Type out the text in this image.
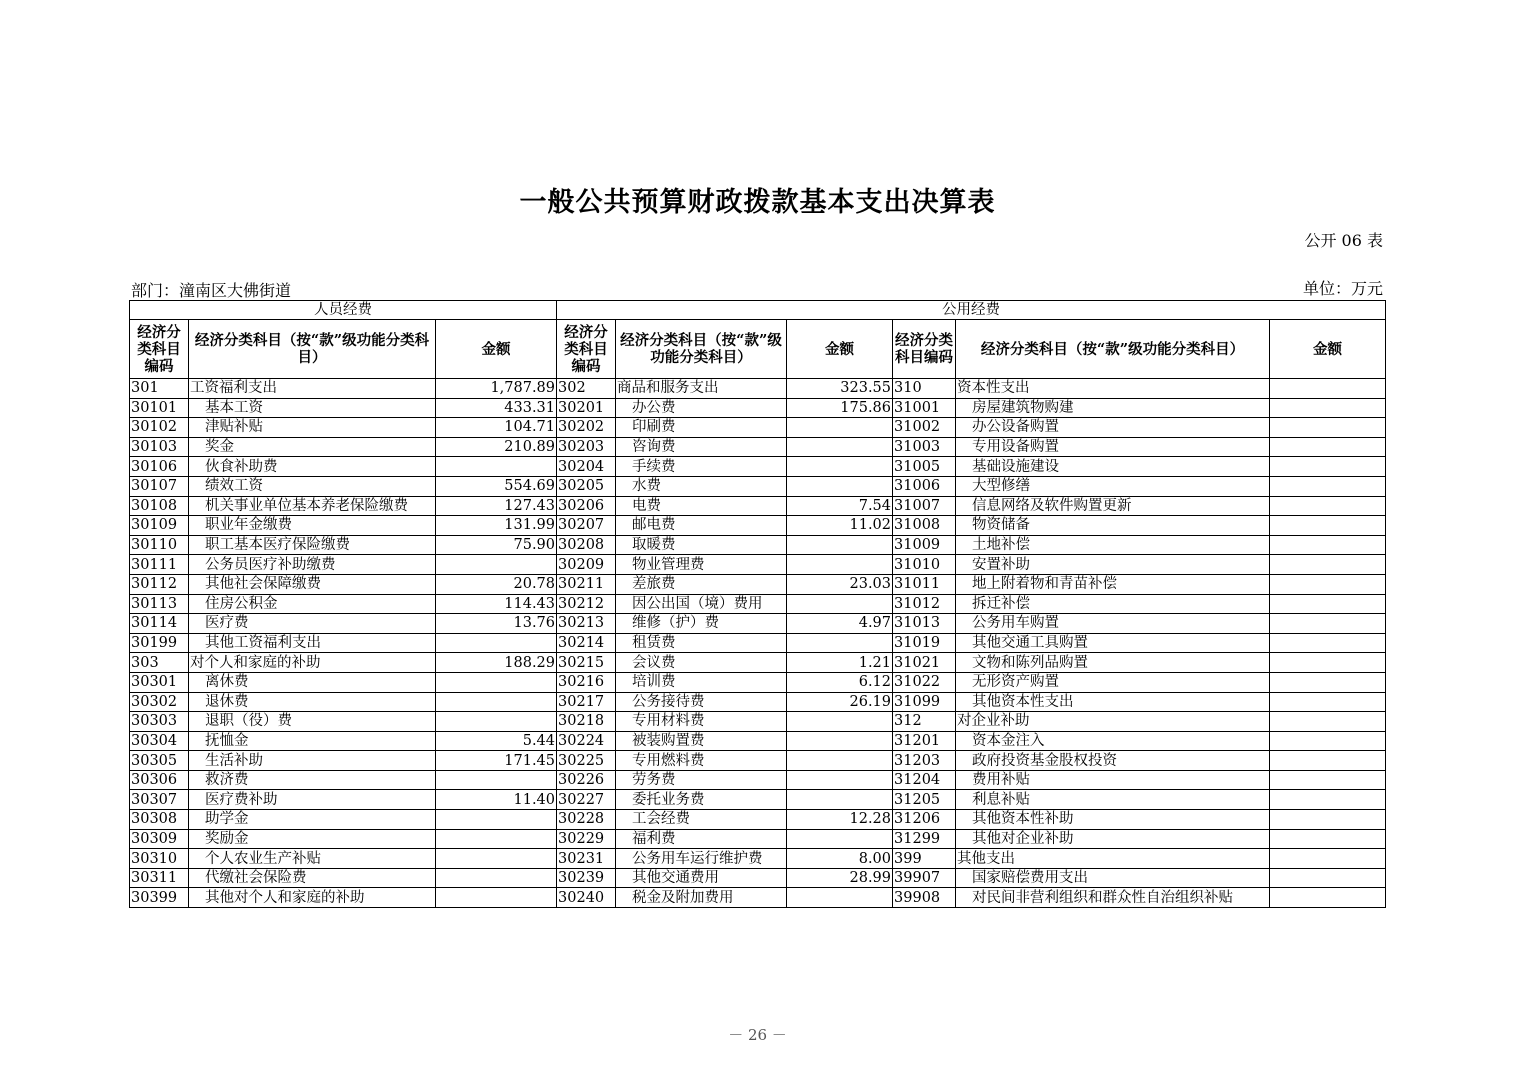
一般公共预算财政拨款基本支出决算表
公开 06 表
部门：潼南区大佛街道	单位：万元
人员经费			公用经费					
经济分类科目编码	经济分类科目（按“款”级功能分类科目）	金额	经济分类科目编码	经济分类科目（按“款”级功能分类科目）	金额	经济分类科目编码	经济分类科目（按“款”级功能分类科目）	金额
301	工资福利支出	1,787.89	302	商品和服务支出	323.55	310	资本性支出	
30101	基本工资	433.31	30201	办公费	175.86	31001	房屋建筑物购建	
30102	津贴补贴	104.71	30202	印刷费		31002	办公设备购置	
30103	奖金	210.89	30203	咨询费		31003	专用设备购置	
30106	伙食补助费		30204	手续费		31005	基础设施建设	
30107	绩效工资	554.69	30205	水费		31006	大型修缮	
30108	机关事业单位基本养老保险缴费	127.43	30206	电费	7.54	31007	信息网络及软件购置更新	
30109	职业年金缴费	131.99	30207	邮电费	11.02	31008	物资储备	
30110	职工基本医疗保险缴费	75.90	30208	取暖费		31009	土地补偿	
30111	公务员医疗补助缴费		30209	物业管理费		31010	安置补助	
30112	其他社会保障缴费	20.78	30211	差旅费	23.03	31011	地上附着物和青苗补偿	
30113	住房公积金	114.43	30212	因公出国（境）费用		31012	拆迁补偿	
30114	医疗费	13.76	30213	维修（护）费	4.97	31013	公务用车购置	
30199	其他工资福利支出		30214	租赁费		31019	其他交通工具购置	
303	对个人和家庭的补助	188.29	30215	会议费	1.21	31021	文物和陈列品购置	
30301	离休费		30216	培训费	6.12	31022	无形资产购置	
30302	退休费		30217	公务接待费	26.19	31099	其他资本性支出	
30303	退职（役）费		30218	专用材料费		312	对企业补助	
30304	抚恤金	5.44	30224	被装购置费		31201	资本金注入	
30305	生活补助	171.45	30225	专用燃料费		31203	政府投资基金股权投资	
30306	救济费		30226	劳务费		31204	费用补贴	
30307	医疗费补助	11.40	30227	委托业务费		31205	利息补贴	
30308	助学金		30228	工会经费	12.28	31206	其他资本性补助	
30309	奖励金		30229	福利费		31299	其他对企业补助	
30310	个人农业生产补贴		30231	公务用车运行维护费	8.00	399	其他支出	
30311	代缴社会保险费		30239	其他交通费用	28.99	39907	国家赔偿费用支出	
30399	其他对个人和家庭的补助		30240	税金及附加费用		39908	对民间非营利组织和群众性自治组织补贴	
－ 26 －
